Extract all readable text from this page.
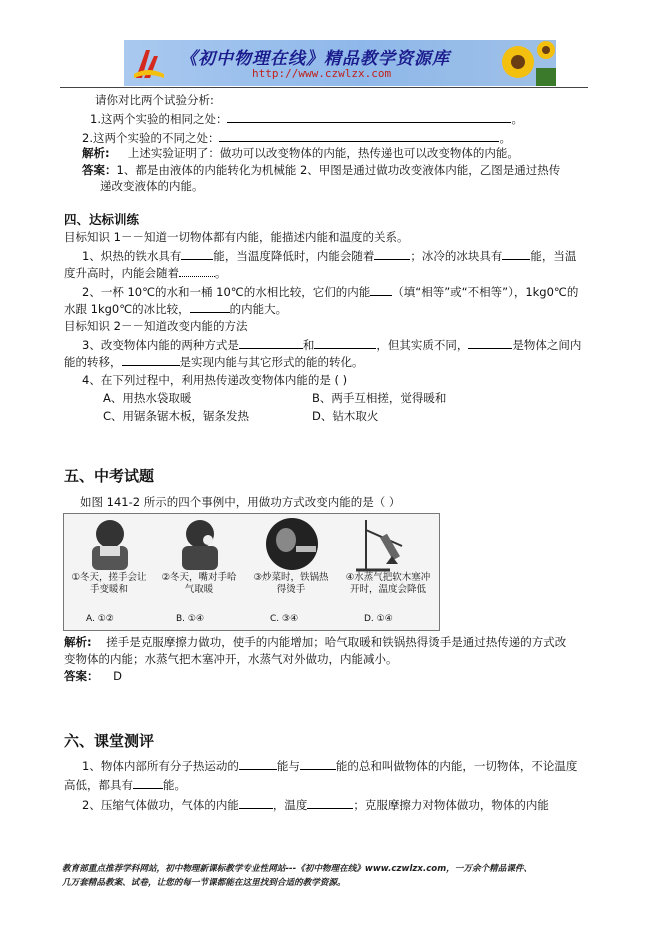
《初中物理在线》精品教学资源库
http://www.czwlzx.com
请你对比两个试验分析:
1.这两个实验的相同之处：	。
2.这两个实验的不同之处：	。
解析: 上述实验证明了：做功可以改变物体的内能，热传递也可以改变物体的内能。
答案：1、都是由液体的内能转化为机械能 2、甲图是通过做功改变液体内能，乙图是通过热传
递改变液体的内能。
四、达标训练
目标知识 1－－知道一切物体都有内能，能描述内能和温度的关系。
1、炽热的铁水具有	能，当温度降低时，内能会随着	；冰冷的冰块具有 能，当温
度升高时，内能会随着	。
2、一杯 10℃的水和一桶 10℃的水相比较，它们的内能 （填“相等”或“不相等”），1kg0℃的
水跟 1kg0℃的冰比较，	的内能大。
目标知识 2－－知道改变内能的方法
3、改变物体内能的两种方式是	和	，但其实质不同，	是物体之间内
能的转移，	是实现内能与其它形式的能的转化。
4、在下列过程中，利用热传递改变物体内能的是 ( )
A、用热水袋取暖	B、两手互相搓，觉得暖和
C、用锯条锯木板，锯条发热	D、钻木取火
五、中考试题
如图 141-2 所示的四个事例中，用做功方式改变内能的是（ ）
①冬天，搓手会让手变暖和
②冬天，嘴对手哈气取暖
③炒菜时，铁锅热得烫手
④水蒸气把软木塞冲开时，温度会降低
A. ①②	B. ①④	C. ③④	D. ①④
解析: 搓手是克服摩擦力做功，使手的内能增加；哈气取暖和铁锅热得烫手是通过热传递的方式改
变物体的内能；水蒸气把木塞冲开，水蒸气对外做功，内能减小。
答案： D
六、课堂测评
1、物体内部所有分子热运动的	能与	能的总和叫做物体的内能，一切物体，不论温度
高低，都具有	能。
2、压缩气体做功，气体的内能	，温度	；克服摩擦力对物体做功，物体的内能
教育部重点推荐学科网站，初中物理新课标教学专业性网站---《初中物理在线》www.czwlzx.com，一万余个精品课件、
几万套精品教案、试卷，让您的每一节课都能在这里找到合适的教学资源。
